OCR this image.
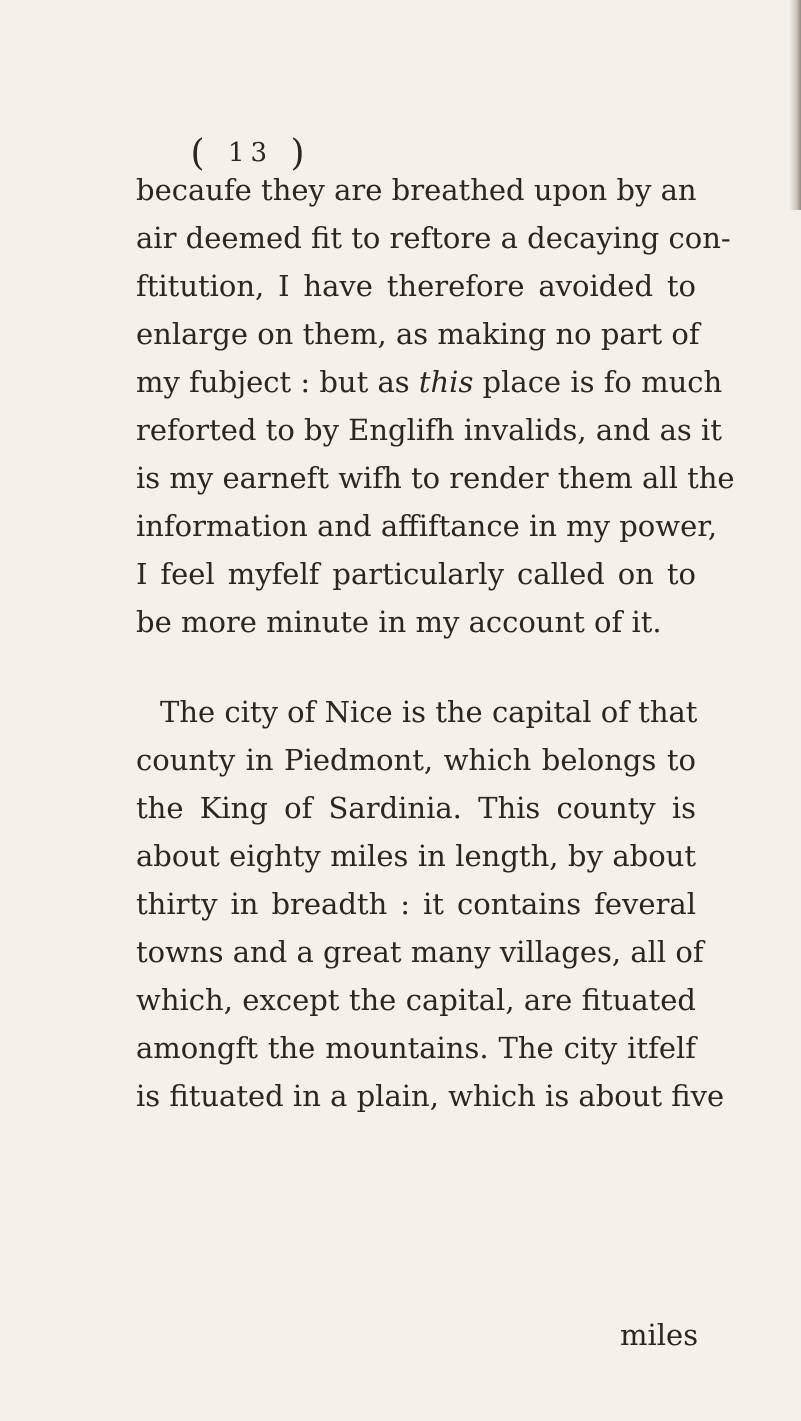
( 13 )
becaufe they are breathed upon by an
air deemed fit to reftore a decaying con-
ftitution, I have therefore avoided to
enlarge on them, as making no part of
my fubject : but as this place is fo much
reforted to by Englifh invalids, and as it
is my earneft wifh to render them all the
information and affiftance in my power,
I feel myfelf particularly called on to
be more minute in my account of it.
The city of Nice is the capital of that
county in Piedmont, which belongs to
the King of Sardinia. This county is
about eighty miles in length, by about
thirty in breadth : it contains feveral
towns and a great many villages, all of
which, except the capital, are fituated
amongft the mountains. The city itfelf
is fituated in a plain, which is about five
miles
